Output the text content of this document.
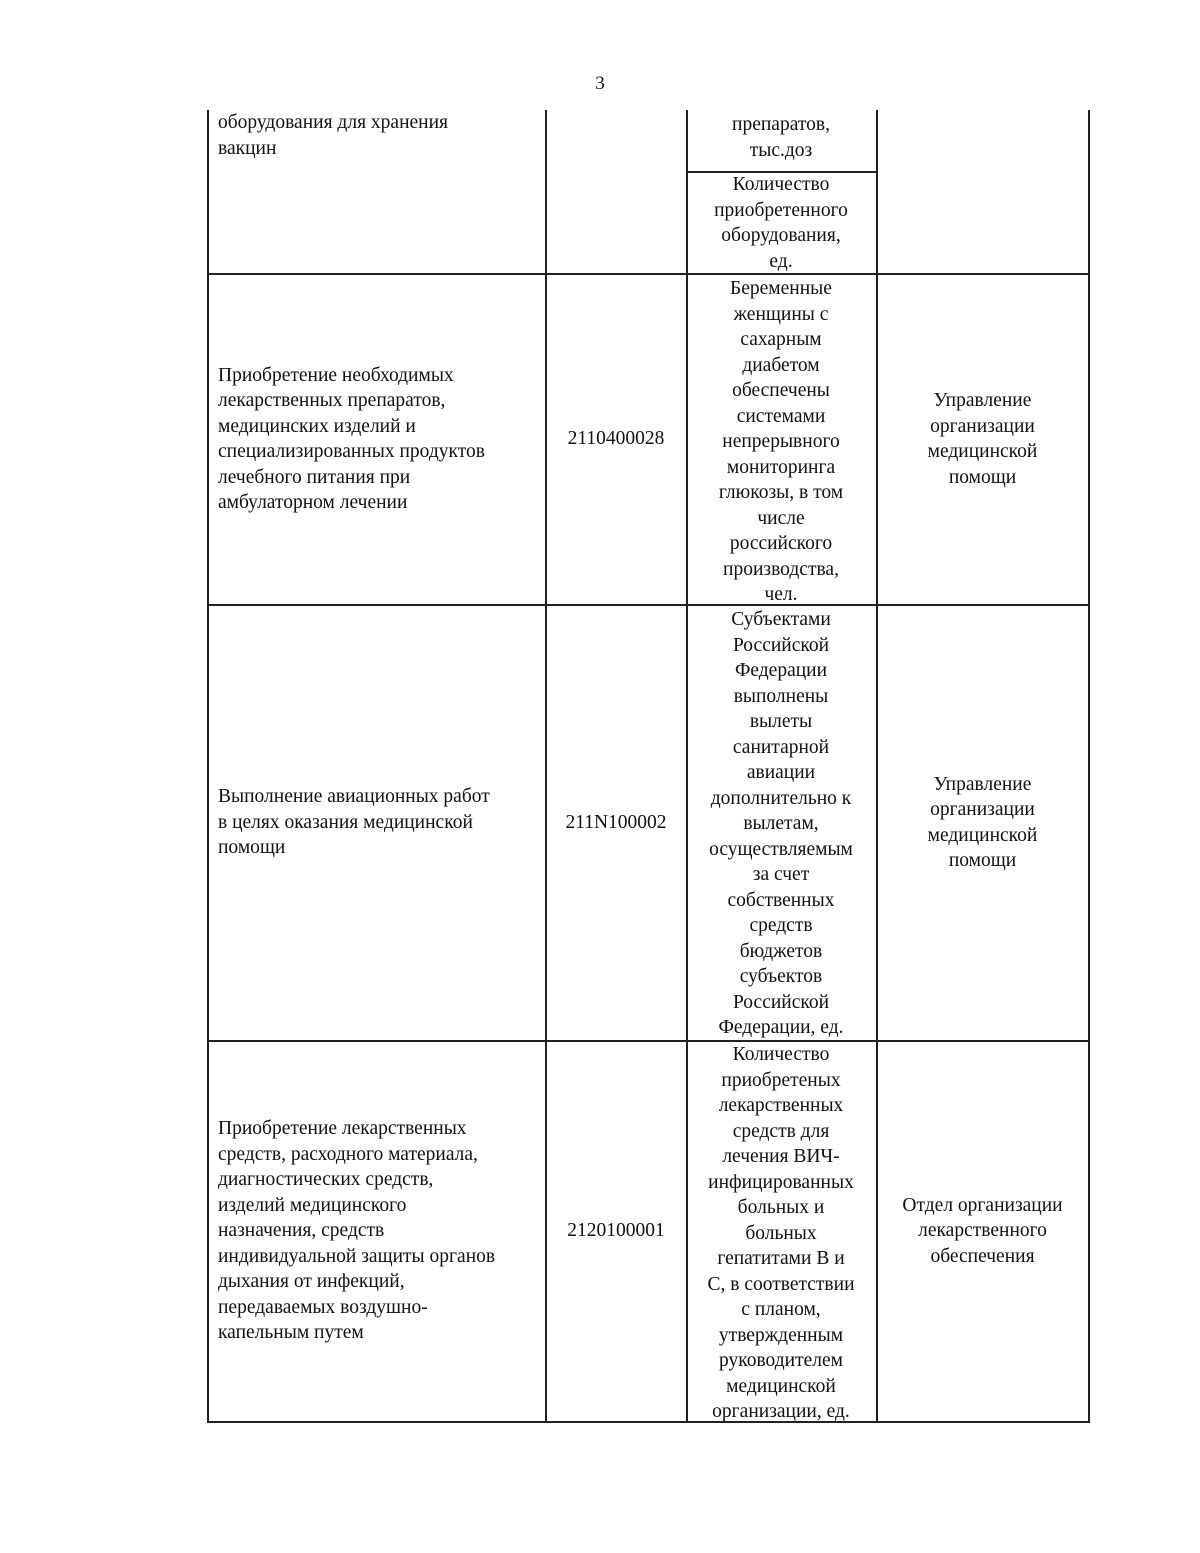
3
оборудования для хранения
вакцин
препаратов,
тыс.доз
Количество
приобретенного
оборудования,
ед.
Приобретение необходимых
лекарственных препаратов,
медицинских изделий и
специализированных продуктов
лечебного питания при
амбулаторном лечении
2110400028
Беременные
женщины с
сахарным
диабетом
обеспечены
системами
непрерывного
мониторинга
глюкозы, в том
числе
российского
производства,
чел.
Управление
организации
медицинской
помощи
Выполнение авиационных работ
в целях оказания медицинской
помощи
211N100002
Субъектами
Российской
Федерации
выполнены
вылеты
санитарной
авиации
дополнительно к
вылетам,
осуществляемым
за счет
собственных
средств
бюджетов
субъектов
Российской
Федерации, ед.
Управление
организации
медицинской
помощи
Приобретение лекарственных
средств, расходного материала,
диагностических средств,
изделий медицинского
назначения, средств
индивидуальной защиты органов
дыхания от инфекций,
передаваемых воздушно-
капельным путем
2120100001
Количество
приобретеных
лекарственных
средств для
лечения ВИЧ-
инфицированных
больных и
больных
гепатитами В и
С, в соответствии
с планом,
утвержденным
руководителем
медицинской
организации, ед.
Отдел организации
лекарственного
обеспечения
